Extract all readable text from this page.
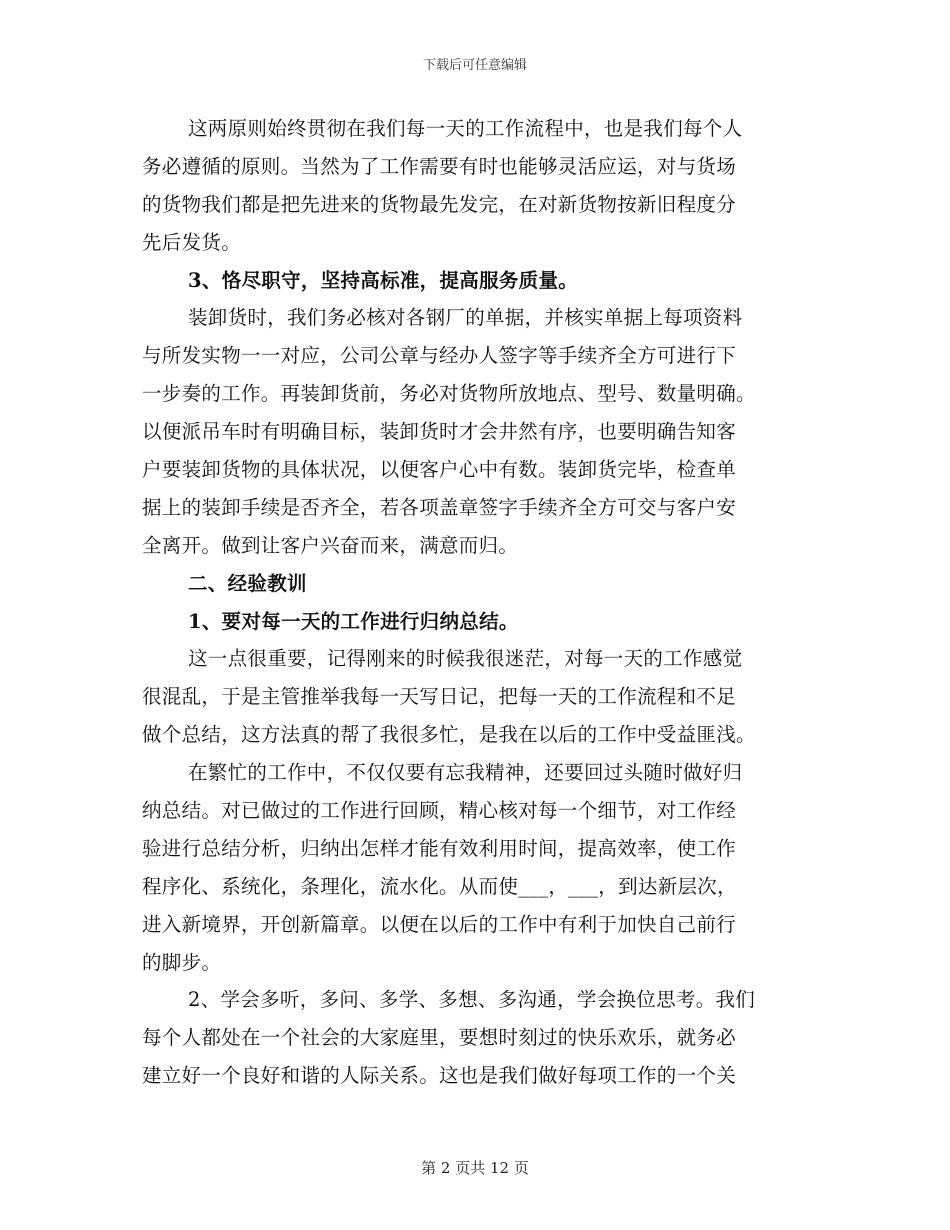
下载后可任意编辑
这两原则始终贯彻在我们每一天的工作流程中，也是我们每个人
务必遵循的原则。当然为了工作需要有时也能够灵活应运，对与货场
的货物我们都是把先进来的货物最先发完，在对新货物按新旧程度分
先后发货。
3、恪尽职守，坚持高标准，提高服务质量。
装卸货时，我们务必核对各钢厂的单据，并核实单据上每项资料
与所发实物一一对应，公司公章与经办人签字等手续齐全方可进行下
一步奏的工作。再装卸货前，务必对货物所放地点、型号、数量明确。
以便派吊车时有明确目标，装卸货时才会井然有序，也要明确告知客
户要装卸货物的具体状况，以便客户心中有数。装卸货完毕，检查单
据上的装卸手续是否齐全，若各项盖章签字手续齐全方可交与客户安
全离开。做到让客户兴奋而来，满意而归。
二、经验教训
1、要对每一天的工作进行归纳总结。
这一点很重要，记得刚来的时候我很迷茫，对每一天的工作感觉
很混乱，于是主管推举我每一天写日记，把每一天的工作流程和不足
做个总结，这方法真的帮了我很多忙，是我在以后的工作中受益匪浅。
在繁忙的工作中，不仅仅要有忘我精神，还要回过头随时做好归
纳总结。对已做过的工作进行回顾，精心核对每一个细节，对工作经
验进行总结分析，归纳出怎样才能有效利用时间，提高效率，使工作
程序化、系统化，条理化，流水化。从而使___，___，到达新层次，
进入新境界，开创新篇章。以便在以后的工作中有利于加快自己前行
的脚步。
2、学会多听，多问、多学、多想、多沟通，学会换位思考。我们
每个人都处在一个社会的大家庭里，要想时刻过的快乐欢乐，就务必
建立好一个良好和谐的人际关系。这也是我们做好每项工作的一个关
第 2 页共 12 页
